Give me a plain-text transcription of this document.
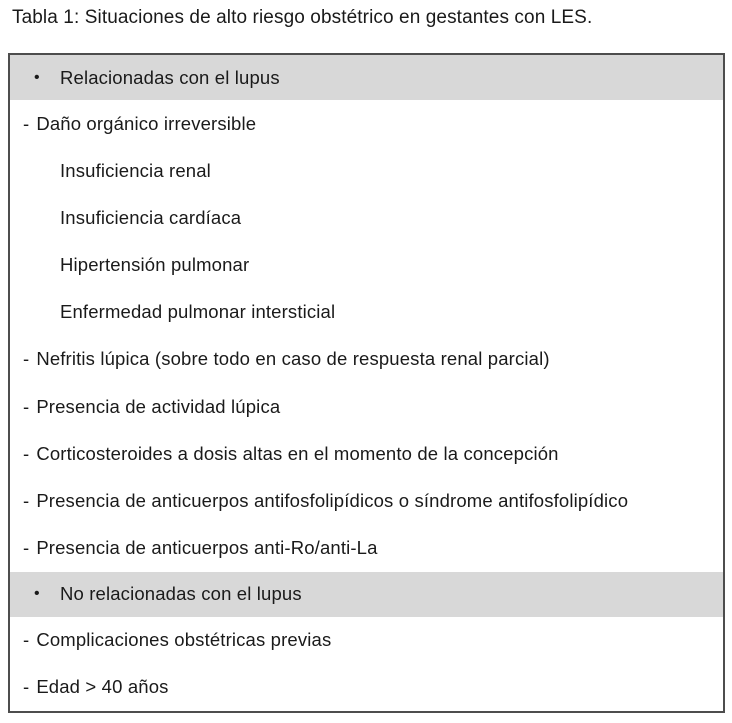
Tabla 1: Situaciones de alto riesgo obstétrico en gestantes con LES.
•	Relacionadas con el lupus
- Daño orgánico irreversible
Insuficiencia renal
Insuficiencia cardíaca
Hipertensión pulmonar
Enfermedad pulmonar intersticial
- Nefritis lúpica (sobre todo en caso de respuesta renal parcial)
- Presencia de actividad lúpica
- Corticosteroides a dosis altas en el momento de la concepción
- Presencia de anticuerpos antifosfolipídicos o síndrome antifosfolipídico
- Presencia de anticuerpos anti-Ro/anti-La
•	No relacionadas con el lupus
- Complicaciones obstétricas previas
- Edad > 40 años
